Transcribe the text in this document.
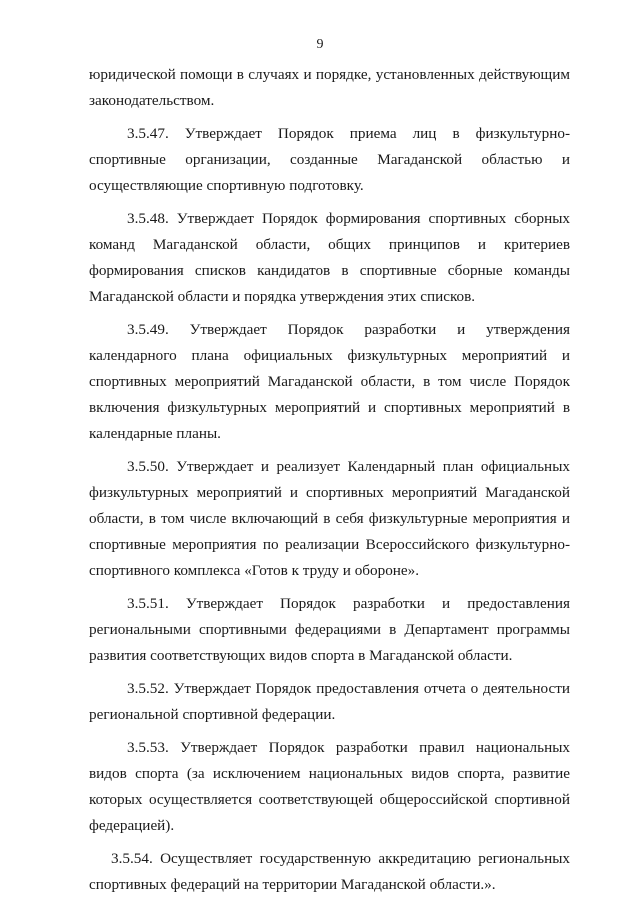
9

юридической помощи в случаях и порядке, установленных действующим законодательством.

3.5.47. Утверждает Порядок приема лиц в физкультурно-спортивные организации, созданные Магаданской областью и осуществляющие спортивную подготовку.

3.5.48. Утверждает Порядок формирования спортивных сборных команд Магаданской области, общих принципов и критериев формирования списков кандидатов в спортивные сборные команды Магаданской области и порядка утверждения этих списков.

3.5.49. Утверждает Порядок разработки и утверждения календарного плана официальных физкультурных мероприятий и спортивных мероприятий Магаданской области, в том числе Порядок включения физкультурных мероприятий и спортивных мероприятий в календарные планы.

3.5.50. Утверждает и реализует Календарный план официальных физкультурных мероприятий и спортивных мероприятий Магаданской области, в том числе включающий в себя физкультурные мероприятия и спортивные мероприятия по реализации Всероссийского физкультурно-спортивного комплекса «Готов к труду и обороне».

3.5.51. Утверждает Порядок разработки и предоставления региональными спортивными федерациями в Департамент программы развития соответствующих видов спорта в Магаданской области.

3.5.52. Утверждает Порядок предоставления отчета о деятельности региональной спортивной федерации.

3.5.53. Утверждает Порядок разработки правил национальных видов спорта (за исключением национальных видов спорта, развитие которых осуществляется соответствующей общероссийской спортивной федерацией).

3.5.54. Осуществляет государственную аккредитацию региональных спортивных федераций на территории Магаданской области.».
